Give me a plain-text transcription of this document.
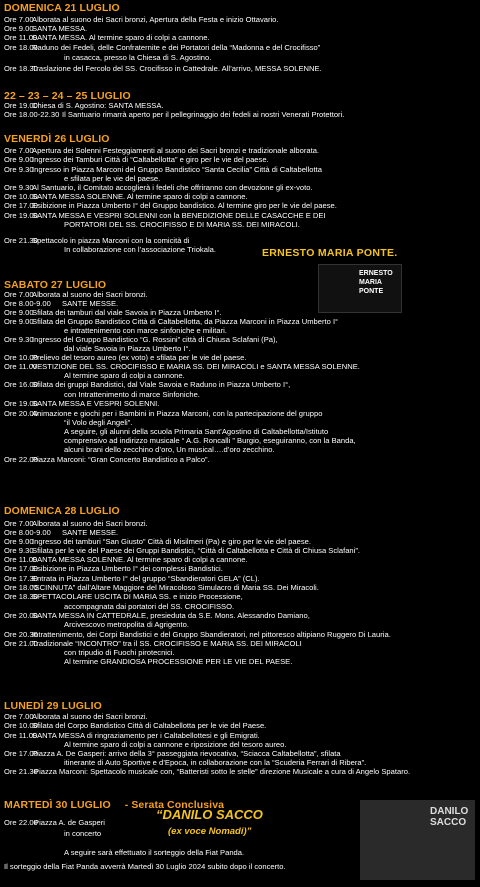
DOMENICA 21 LUGLIO
22 – 23 – 24 – 25 LUGLIO
VENERDÌ 26 LUGLIO
SABATO 27 LUGLIO
DOMENICA 28 LUGLIO
LUNEDÌ 29 LUGLIO
MARTEDÌ 30 LUGLIO - Serata Conclusiva
Ore 7.00Alborata al suono dei Sacri bronzi, Apertura della Festa e inizio Ottavario.
Ore 9.00SANTA MESSA.
Ore 11.00SANTA MESSA. Al termine sparo di colpi a cannone.
Ore 18.00Raduno dei Fedeli, delle Confraternite e dei Portatori della “Madonna e del Crocifisso”
in casacca, presso la Chiesa di S. Agostino.
Ore 18.30Traslazione del Fercolo del SS. Crocifisso in Cattedrale. All’arrivo, MESSA SOLENNE.
Ore 19.00Chiesa di S. Agostino: SANTA MESSA.
Ore 18.00-22.30 Il Santuario rimarrà aperto per il pellegrinaggio dei fedeli ai nostri Venerati Protettori.
Ore 7.00Apertura dei Solenni Festeggiamenti al suono dei Sacri bronzi e tradizionale alborata.
Ore 9.00Ingresso dei Tamburi Città di “Caltabellotta” e giro per le vie del paese.
Ore 9.30Ingresso in Piazza Marconi del Gruppo Bandistico “Santa Cecilia” Città di Caltabellotta
e sfilata per le vie del paese.
Ore 9.30Al Santuario, il Comitato accoglierà i fedeli che offriranno con devozione gli ex-voto.
Ore 10.00SANTA MESSA SOLENNE. Al termine sparo di colpi a cannone.
Ore 17.00Esibizione in Piazza Umberto I° del Gruppo bandistico. Al termine giro per le vie del paese.
Ore 19.00SANTA MESSA E VESPRI SOLENNI con la BENEDIZIONE DELLE CASACCHE E DEI
PORTATORI DEL SS. CROCIFISSO E DI MARIA SS. DEI MIRACOLI.
Ore 21.30Spettacolo in piazza Marconi con la comicità di
In collaborazione con l’associazione Triokala.
Ore 7.00Alborata al suono dei Sacri bronzi.
Ore 8.00-9.00 SANTE MESSE.
Ore 9.00Sfilata dei tamburi dal viale Savoia in Piazza Umberto I°.
Ore 9.00Sfilata del Gruppo Bandistico Città di Caltabellotta, da Piazza Marconi in Piazza Umberto I°
e intrattenimento con marce sinfoniche e militari.
Ore 9.30Ingresso del Gruppo Bandistico “G. Rossini” città di Chiusa Sclafani (Pa),
dal viale Savoia in Piazza Umberto I°.
Ore 10.00Prelievo del tesoro aureo (ex voto) e sfilata per le vie del paese.
Ore 11.00VESTIZIONE DEL SS. CROCIFISSO E MARIA SS. DEI MIRACOLI e SANTA MESSA SOLENNE.
Al termine sparo di colpi a cannone.
Ore 16.00Sfilata dei gruppi Bandistici, dal Viale Savoia e Raduno in Piazza Umberto I°,
con Intrattenimento di marce Sinfoniche.
Ore 19.00SANTA MESSA E VESPRI SOLENNI.
Ore 20.00Animazione e giochi per i Bambini in Piazza Marconi, con la partecipazione del gruppo
“il Volo degli Angeli”.
A seguire, gli alunni della scuola Primaria Sant’Agostino di Caltabellotta/Istituto
comprensivo ad indirizzo musicale “ A.G. Roncalli ” Burgio, eseguiranno, con la Banda,
alcuni brani dello zecchino d’oro, Un musical….d’oro zecchino.
Ore 22.00Piazza Marconi: “Gran Concerto Bandistico a Palco”.
Ore 7.00Alborata al suono dei Sacri bronzi.
Ore 8.00-9.00 SANTE MESSE.
Ore 9.00Ingresso dei tamburi “San Giusto” Città di Misilmeri (Pa) e giro per le vie del paese.
Ore 9.30Sfilata per le vie del Paese dei Gruppi Bandistici, “Città di Caltabellotta e Città di Chiusa Sclafani”.
Ore 11.00SANTA MESSA SOLENNE. Al termine sparo di colpi a cannone.
Ore 17.00Esibizione in Piazza Umberto I° dei complessi Bandistici.
Ore 17.30Entrata in Piazza Umberto I° del gruppo “Sbandieratori GELA” (CL).
Ore 18.00“SCINNUTA” dall’Altare Maggiore del Miracoloso Simulacro di Maria SS. Dei Miracoli.
Ore 18.30SPETTACOLARE USCITA DI MARIA SS. e inizio Processione,
accompagnata dai portatori del SS. CROCIFISSO.
Ore 20.00SANTA MESSA IN CATTEDRALE, presieduta da S.E. Mons. Alessandro Damiano,
Arcivescovo metropolita di Agrigento.
Ore 20.30Intrattenimento, dei Corpi Bandistici e del Gruppo Sbandieratori, nel pittoresco altipiano Ruggero Di Lauria.
Ore 21.00Tradizionale “INCONTRO” tra il SS. CROCIFISSO E MARIA SS. DEI MIRACOLI
con tripudio di Fuochi pirotecnici.
Al termine GRANDIOSA PROCESSIONE PER LE VIE DEL PAESE.
Ore 7.00Alborata al suono dei Sacri bronzi.
Ore 10.00Sfilata del Corpo Bandistico Città di Caltabellotta per le vie del Paese.
Ore 11.00SANTA MESSA di ringraziamento per i Caltabellottesi e gli Emigrati.
Al termine sparo di colpi a cannone e riposizione del tesoro aureo.
Ore 17.00Piazza A. De Gasperi: arrivo della 3° passeggiata rievocativa, “Sciacca Caltabellotta”, sfilata
itinerante di Auto Sportive e d’Epoca, in collaborazione con la “Scuderia Ferrari di Ribera”.
Ore 21.30Piazza Marconi: Spettacolo musicale con, “Batteristi sotto le stelle” direzione Musicale a cura di Angelo Spataro.
Ore 22.00Piazza A. de Gasperi
in concerto
A seguire sarà effettuato il sorteggio della Fiat Panda.
Il sorteggio della Fiat Panda avverrà Martedì 30 Luglio 2024 subito dopo il concerto.
ERNESTO MARIA PONTE.
ERNESTO MARIA PONTE
“DANILO SACCO
(ex voce Nomadi)”
DANILO SACCO
